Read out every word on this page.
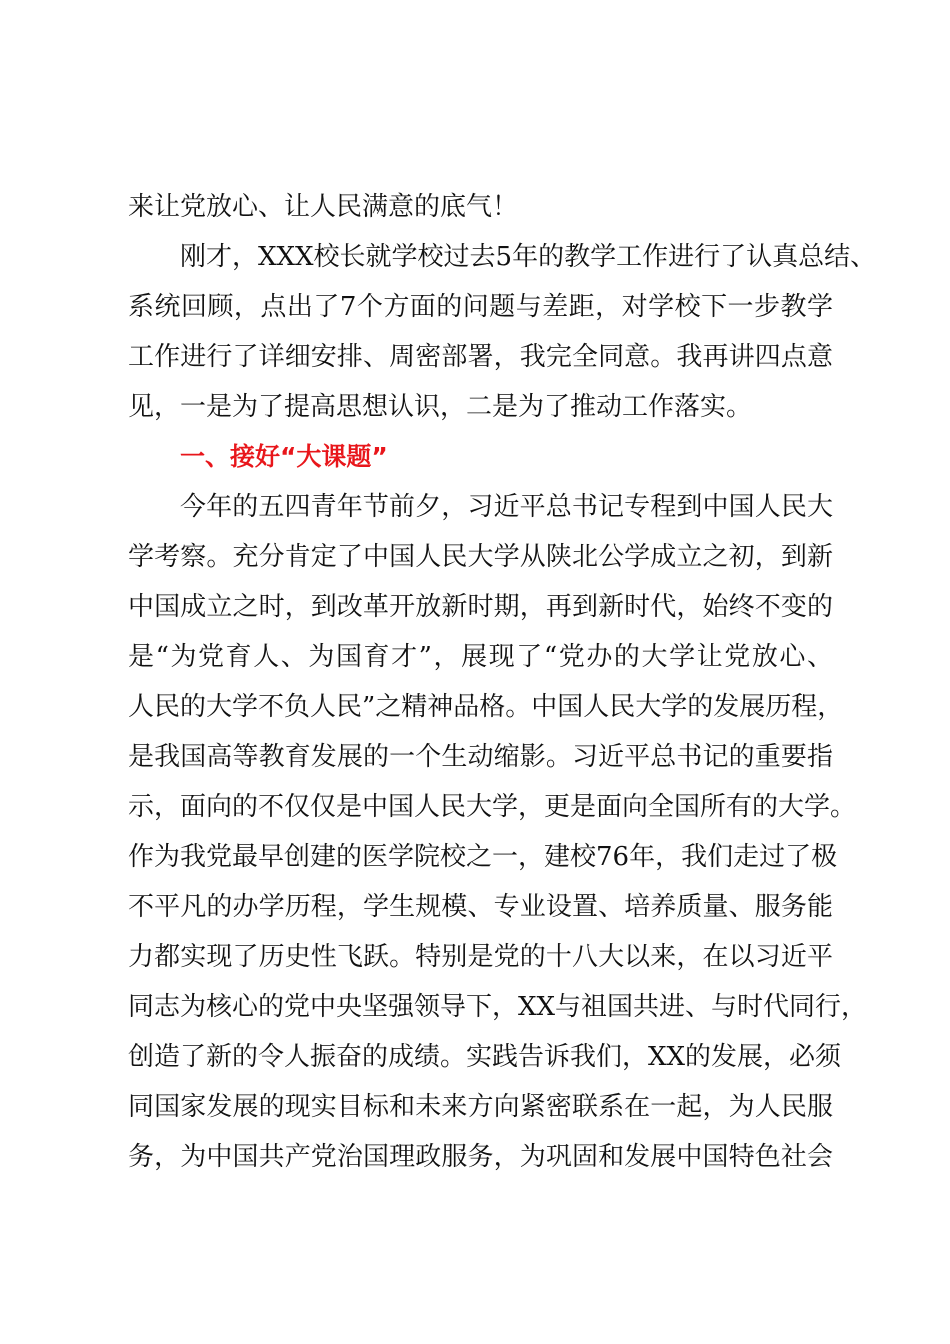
来让党放心、让人民满意的底气！
刚才，XXX校长就学校过去5年的教学工作进行了认真总结、
系统回顾，点出了7个方面的问题与差距，对学校下一步教学
工作进行了详细安排、周密部署，我完全同意。我再讲四点意
见，一是为了提高思想认识，二是为了推动工作落实。
一、接好“大课题”
今年的五四青年节前夕，习近平总书记专程到中国人民大
学考察。充分肯定了中国人民大学从陕北公学成立之初，到新
中国成立之时，到改革开放新时期，再到新时代，始终不变的
是“为党育人、为国育才”，展现了“党办的大学让党放心、
人民的大学不负人民”之精神品格。中国人民大学的发展历程，
是我国高等教育发展的一个生动缩影。习近平总书记的重要指
示，面向的不仅仅是中国人民大学，更是面向全国所有的大学。
作为我党最早创建的医学院校之一，建校76年，我们走过了极
不平凡的办学历程，学生规模、专业设置、培养质量、服务能
力都实现了历史性飞跃。特别是党的十八大以来，在以习近平
同志为核心的党中央坚强领导下，XX与祖国共进、与时代同行，
创造了新的令人振奋的成绩。实践告诉我们，XX的发展，必须
同国家发展的现实目标和未来方向紧密联系在一起，为人民服
务，为中国共产党治国理政服务，为巩固和发展中国特色社会
